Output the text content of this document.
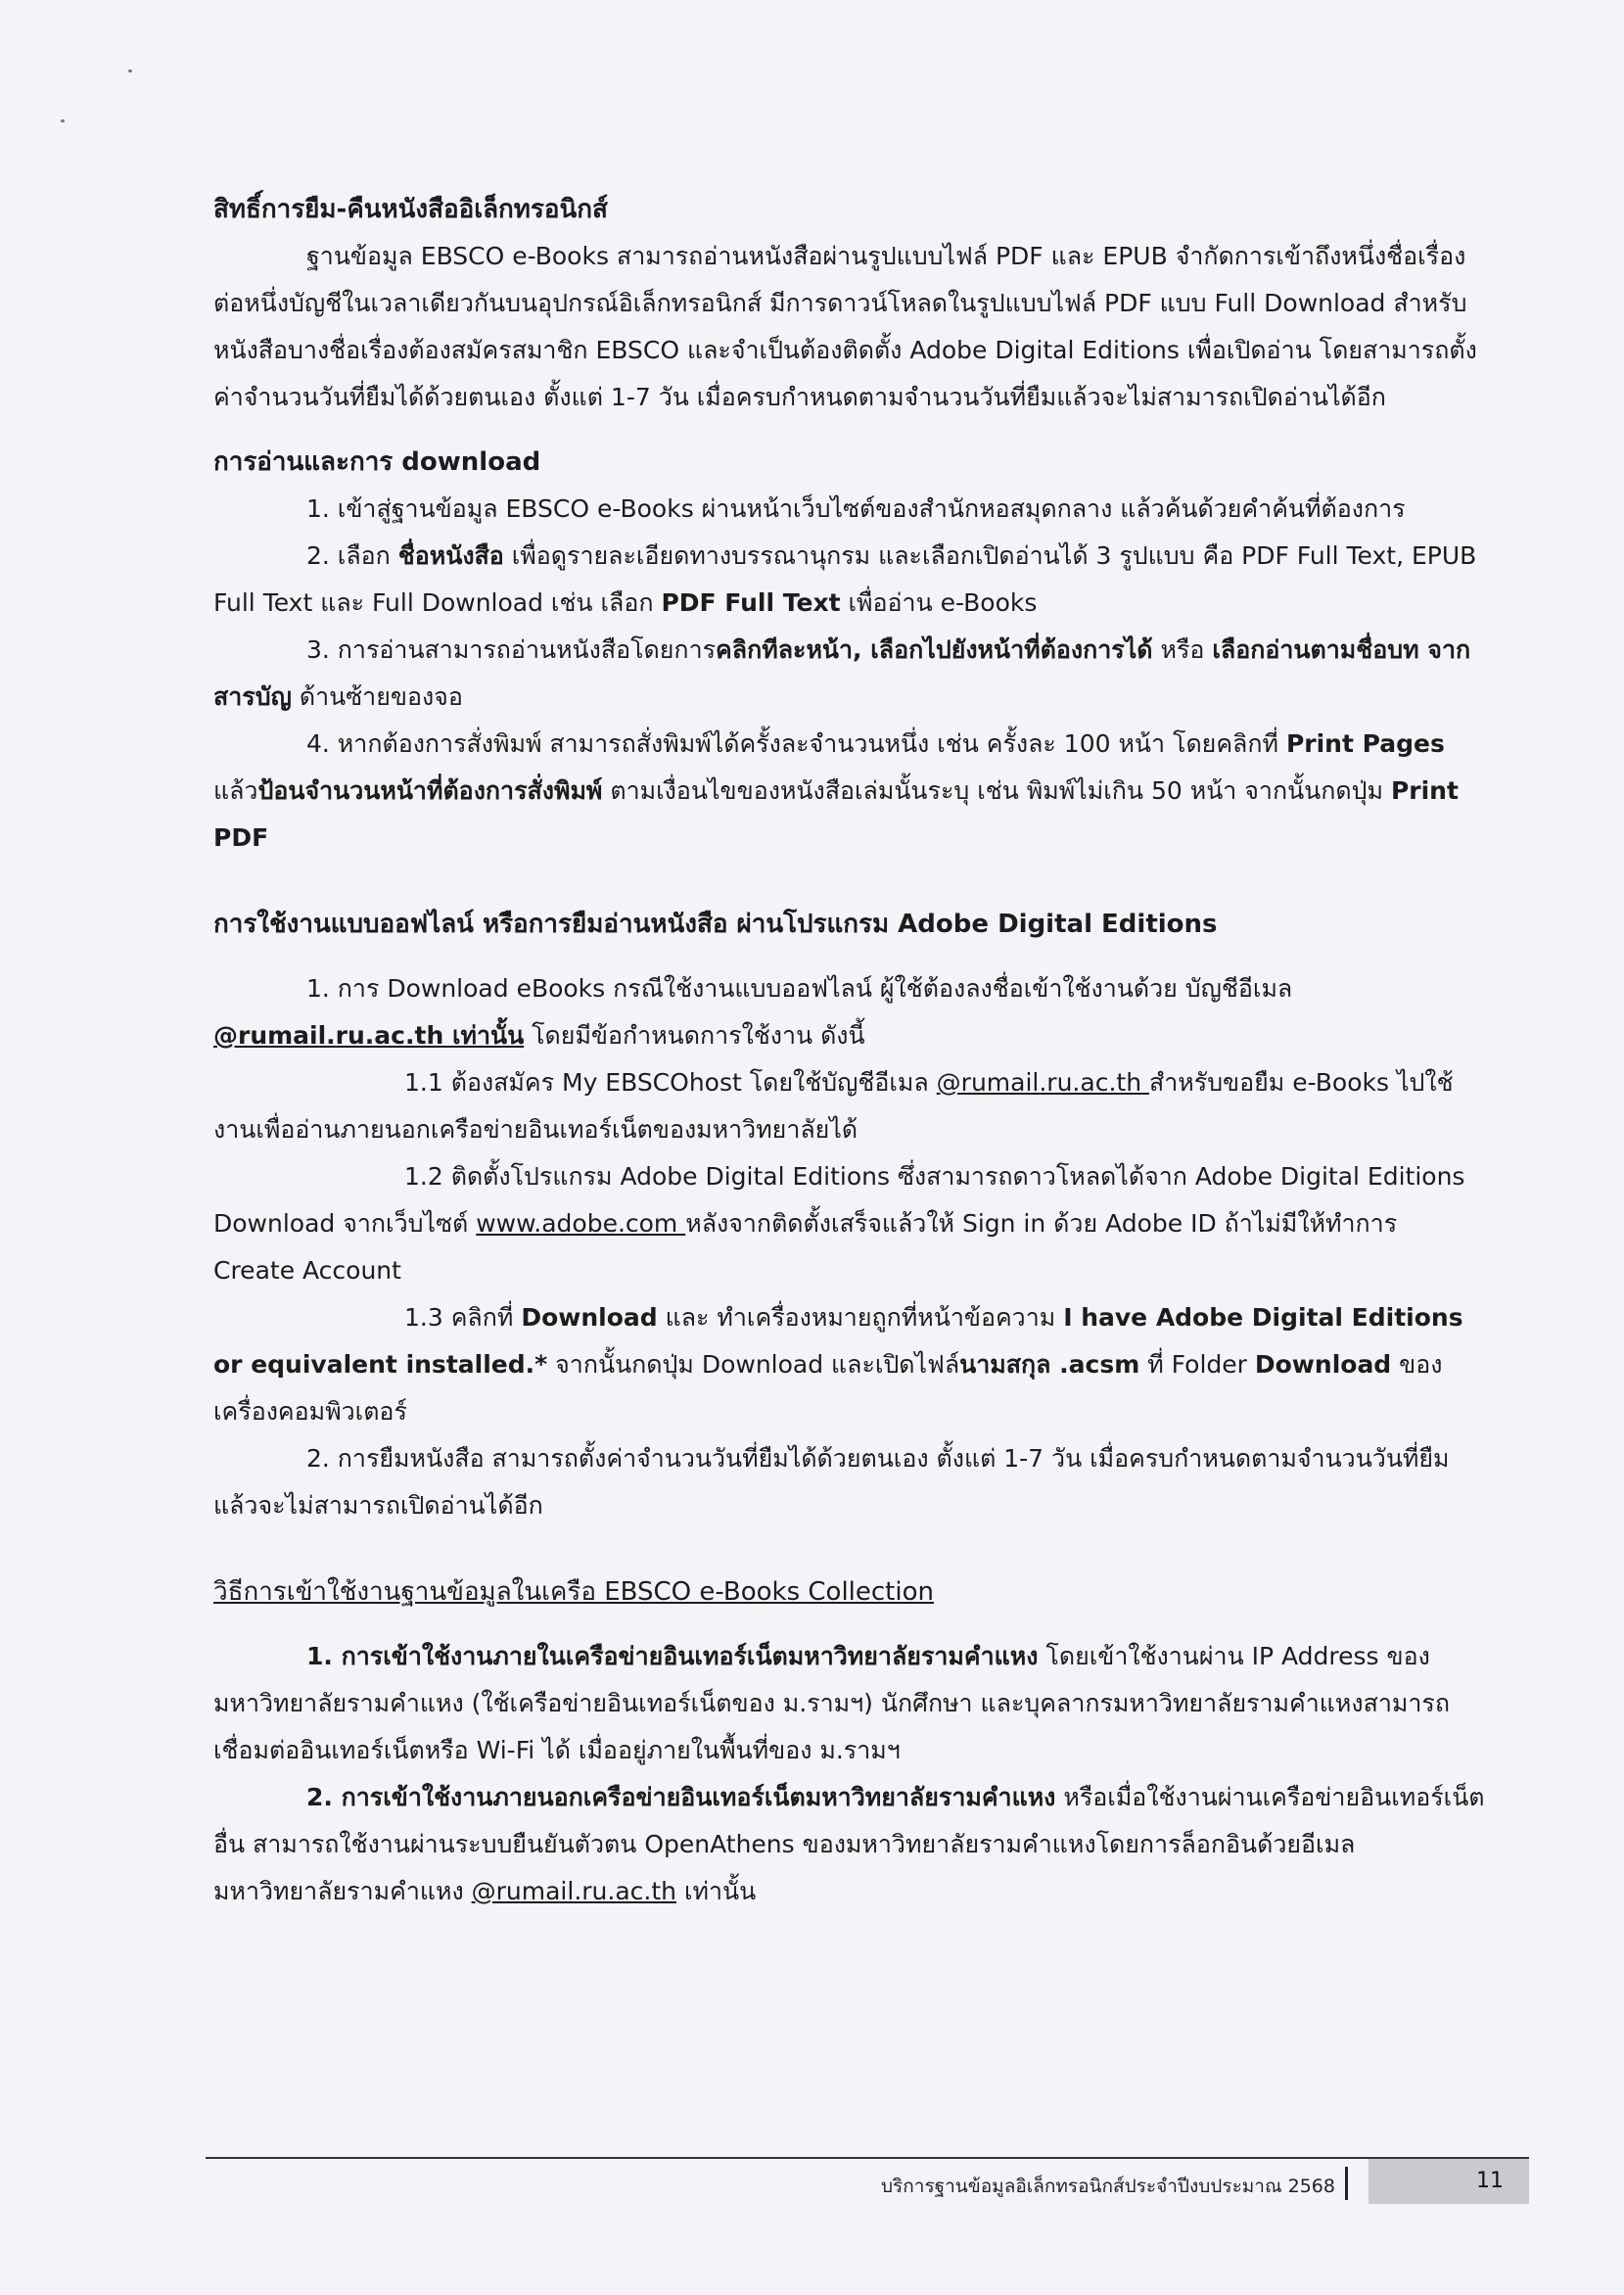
สิทธิ์การยืม-คืนหนังสืออิเล็กทรอนิกส์

ฐานข้อมูล EBSCO e-Books สามารถอ่านหนังสือผ่านรูปแบบไฟล์ PDF และ EPUB จำกัดการเข้าถึงหนึ่งชื่อเรื่องต่อหนึ่งบัญชีในเวลาเดียวกันบนอุปกรณ์อิเล็กทรอนิกส์ มีการดาวน์โหลดในรูปแบบไฟล์ PDF แบบ Full Download สำหรับหนังสือบางชื่อเรื่องต้องสมัครสมาชิก EBSCO และจำเป็นต้องติดตั้ง Adobe Digital Editions เพื่อเปิดอ่าน โดยสามารถตั้งค่าจำนวนวันที่ยืมได้ด้วยตนเอง ตั้งแต่ 1-7 วัน เมื่อครบกำหนดตามจำนวนวันที่ยืมแล้วจะไม่สามารถเปิดอ่านได้อีก

การอ่านและการ download

1. เข้าสู่ฐานข้อมูล EBSCO e-Books ผ่านหน้าเว็บไซต์ของสำนักหอสมุดกลาง แล้วค้นด้วยคำค้นที่ต้องการ

2. เลือก ชื่อหนังสือ เพื่อดูรายละเอียดทางบรรณานุกรม และเลือกเปิดอ่านได้ 3 รูปแบบ คือ PDF Full Text, EPUB Full Text และ Full Download เช่น เลือก PDF Full Text เพื่ออ่าน e-Books

3. การอ่านสามารถอ่านหนังสือโดยการคลิกทีละหน้า, เลือกไปยังหน้าที่ต้องการได้ หรือ เลือกอ่านตามชื่อบท จากสารบัญ ด้านซ้ายของจอ

4. หากต้องการสั่งพิมพ์ สามารถสั่งพิมพ์ได้ครั้งละจำนวนหนึ่ง เช่น ครั้งละ 100 หน้า โดยคลิกที่ Print Pages แล้วป้อนจำนวนหน้าที่ต้องการสั่งพิมพ์ ตามเงื่อนไขของหนังสือเล่มนั้นระบุ เช่น พิมพ์ไม่เกิน 50 หน้า จากนั้นกดปุ่ม Print PDF

การใช้งานแบบออฟไลน์ หรือการยืมอ่านหนังสือ ผ่านโปรแกรม Adobe Digital Editions

1. การ Download eBooks กรณีใช้งานแบบออฟไลน์ ผู้ใช้ต้องลงชื่อเข้าใช้งานด้วย บัญชีอีเมล @rumail.ru.ac.th เท่านั้น โดยมีข้อกำหนดการใช้งาน ดังนี้

1.1 ต้องสมัคร My EBSCOhost โดยใช้บัญชีอีเมล @rumail.ru.ac.th สำหรับขอยืม e-Books ไปใช้งานเพื่ออ่านภายนอกเครือข่ายอินเทอร์เน็ตของมหาวิทยาลัยได้

1.2 ติดตั้งโปรแกรม Adobe Digital Editions ซึ่งสามารถดาวโหลดได้จาก Adobe Digital Editions Download จากเว็บไซต์ www.adobe.com หลังจากติดตั้งเสร็จแล้วให้ Sign in ด้วย Adobe ID ถ้าไม่มีให้ทำการ Create Account

1.3 คลิกที่ Download และ ทำเครื่องหมายถูกที่หน้าข้อความ I have Adobe Digital Editions or equivalent installed.* จากนั้นกดปุ่ม Download และเปิดไฟล์นามสกุล .acsm ที่ Folder Download ของเครื่องคอมพิวเตอร์

2. การยืมหนังสือ สามารถตั้งค่าจำนวนวันที่ยืมได้ด้วยตนเอง ตั้งแต่ 1-7 วัน เมื่อครบกำหนดตามจำนวนวันที่ยืมแล้วจะไม่สามารถเปิดอ่านได้อีก

วิธีการเข้าใช้งานฐานข้อมูลในเครือ EBSCO e-Books Collection

1. การเข้าใช้งานภายในเครือข่ายอินเทอร์เน็ตมหาวิทยาลัยรามคำแหง โดยเข้าใช้งานผ่าน IP Address ของมหาวิทยาลัยรามคำแหง (ใช้เครือข่ายอินเทอร์เน็ตของ ม.รามฯ) นักศึกษา และบุคลากรมหาวิทยาลัยรามคำแหงสามารถเชื่อมต่ออินเทอร์เน็ตหรือ Wi-Fi ได้ เมื่ออยู่ภายในพื้นที่ของ ม.รามฯ

2. การเข้าใช้งานภายนอกเครือข่ายอินเทอร์เน็ตมหาวิทยาลัยรามคำแหง หรือเมื่อใช้งานผ่านเครือข่ายอินเทอร์เน็ตอื่น สามารถใช้งานผ่านระบบยืนยันตัวตน OpenAthens ของมหาวิทยาลัยรามคำแหงโดยการล็อกอินด้วยอีเมลมหาวิทยาลัยรามคำแหง @rumail.ru.ac.th เท่านั้น

บริการฐานข้อมูลอิเล็กทรอนิกส์ประจำปีงบประมาณ 2568	11
